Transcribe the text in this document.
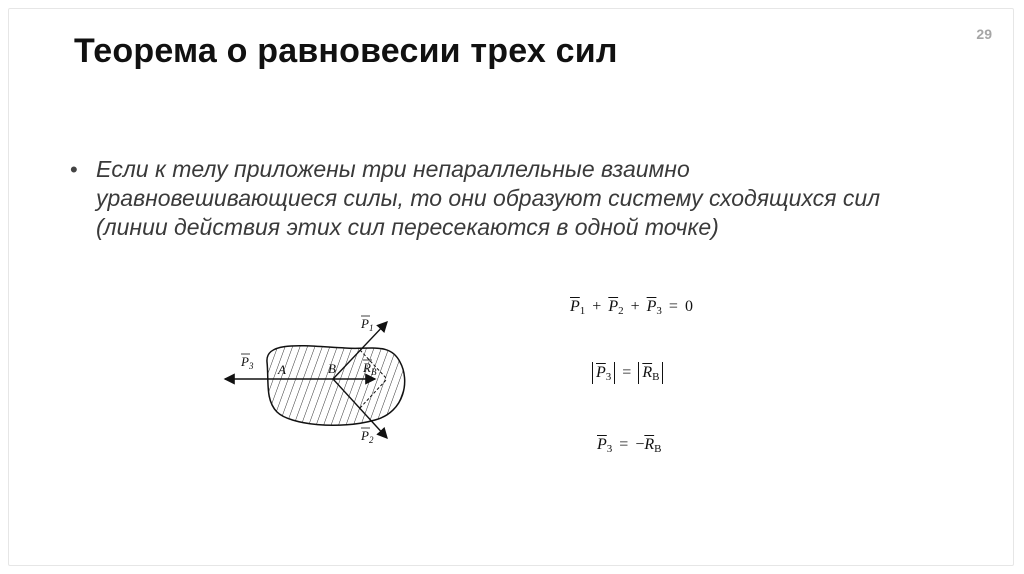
Теорема о равновесии трех сил	29
• Если к телу приложены три непараллельные взаимно уравновешивающиеся силы, то они образуют систему сходящихся сил (линии действия этих сил пересекаются в одной точке)
$P_3$ A	B
$P_1$
$R_B$
$P_2$
$\overline{P}_1 + \overline{P}_2 + \overline{P}_3 = 0$
$\overline{P}_3 = \overline{R}_B$
$\overline{P}_3 = -\overline{R}_B$
